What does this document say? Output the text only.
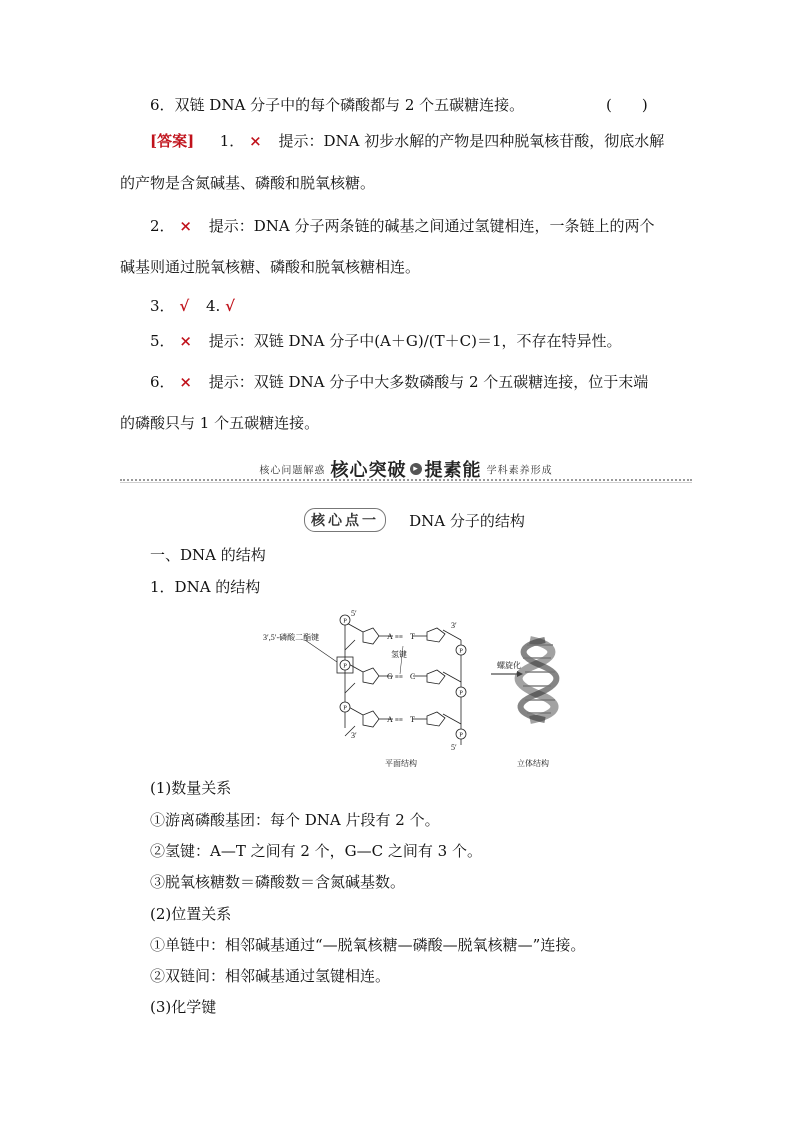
6．双链 DNA 分子中的每个磷酸都与 2 个五碳糖连接。	(　　)
[答案] 1． × 提示：DNA 初步水解的产物是四种脱氧核苷酸，彻底水解
的产物是含氮碱基、磷酸和脱氧核糖。
2． × 提示：DNA 分子两条链的碱基之间通过氢键相连，一条链上的两个
碱基则通过脱氧核糖、磷酸和脱氧核糖相连。
3． √ 4. √
5． × 提示：双链 DNA 分子中(A＋G)/(T＋C)＝1，不存在特异性。
6． × 提示：双链 DNA 分子中大多数磷酸与 2 个五碳糖连接，位于末端
的磷酸只与 1 个五碳糖连接。
核心问题解惑 核心突破 ▸ 提素能 学科素养形成
核心点一 DNA 分子的结构
一、DNA 的结构
1．DNA 的结构
P
P
P
P
P
P
A ≡≡ T
G ≡≡ C
A ≡≡ T
氢键
5′
3′
3′
5′
3′,5′-磷酸二酯键
螺旋化
平面结构	立体结构
(1)数量关系
①游离磷酸基团：每个 DNA 片段有 2 个。
②氢键：A—T 之间有 2 个，G—C 之间有 3 个。
③脱氧核糖数＝磷酸数＝含氮碱基数。
(2)位置关系
①单链中：相邻碱基通过“—脱氧核糖—磷酸—脱氧核糖—”连接。
②双链间：相邻碱基通过氢键相连。
(3)化学键
